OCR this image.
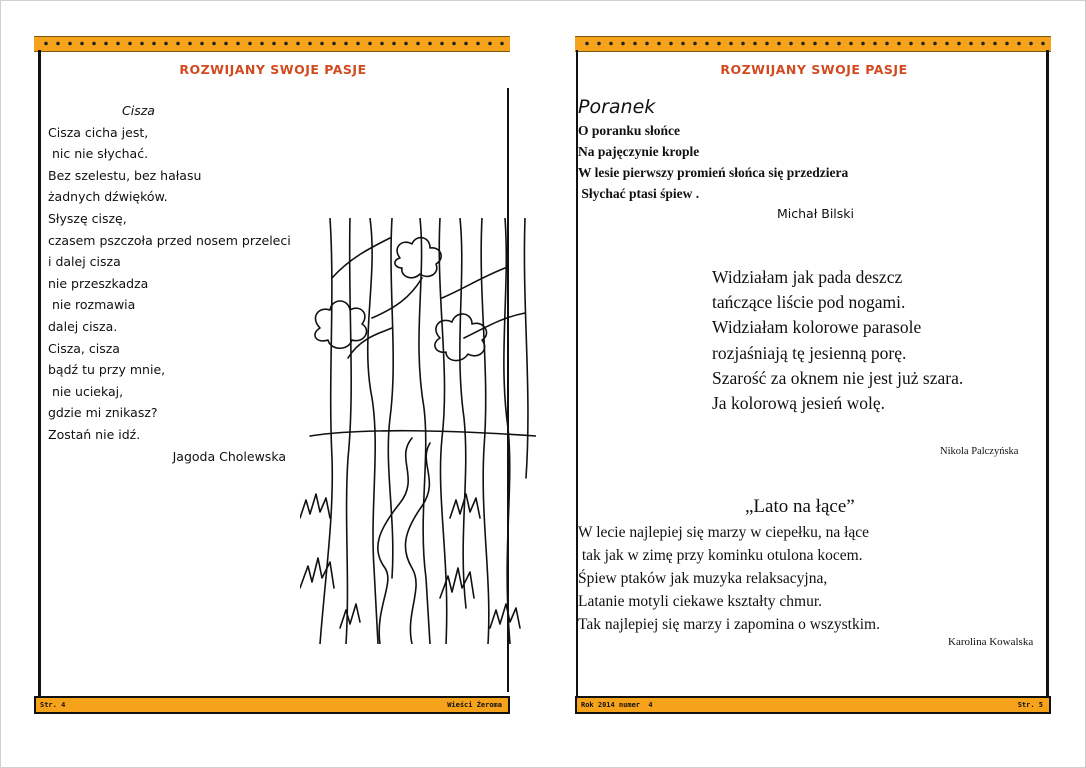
ROZWIJANY SWOJE PASJE
Cisza
Cisza cicha jest,
nic nie słychać.
Bez szelestu, bez hałasu
żadnych dźwięków.
Słyszę ciszę,
czasem pszczoła przed nosem przeleci
i dalej cisza
nie przeszkadza
nie rozmawia
dalej cisza.
Cisza, cisza
bądź tu przy mnie,
nie uciekaj,
gdzie mi znikasz?
Zostań nie idź.
Jagoda Cholewska
Str. 4	Wieści Żeroma
ROZWIJANY SWOJE PASJE
Poranek
O poranku słońce
Na pajęczynie krople
W lesie pierwszy promień słońca się przedziera
Słychać ptasi śpiew .
Michał Bilski
Widziałam jak pada deszcz
tańczące liście pod nogami.
Widziałam kolorowe parasole
rozjaśniają tę jesienną porę.
Szarość za oknem nie jest już szara.
Ja kolorową jesień wolę.
Nikola Palczyńska
„Lato na łące”
W lecie najlepiej się marzy w ciepełku, na łące
tak jak w zimę przy kominku otulona kocem.
Śpiew ptaków jak muzyka relaksacyjna,
Latanie motyli ciekawe kształty chmur.
Tak najlepiej się marzy i zapomina o wszystkim.
Karolina Kowalska
Rok 2014 numer  4	Str. 5
